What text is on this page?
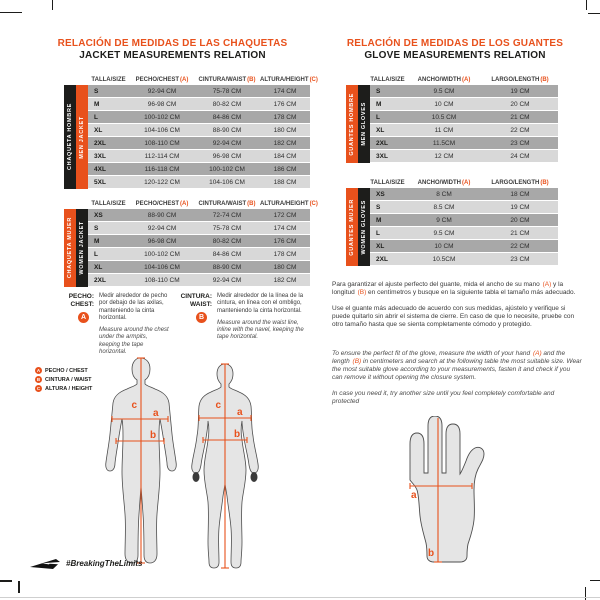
RELACIÓN DE MEDIDAS DE LAS CHAQUETAS
JACKET MEASUREMENTS RELATION
TALLA/SIZE	PECHO/CHEST(A)	CINTURA/WAIST(B) ALTURA/HEIGHT(C)
CHAQUETA HOMBRE MEN JACKET
S	92-94 CM	75-78 CM	174 CM
M	96-98 CM	80-82 CM	176 CM
L	100-102 CM	84-86 CM	178 CM
XL	104-106 CM	88-90 CM	180 CM
2XL	108-110 CM	92-94 CM	182 CM
3XL	112-114 CM	96-98 CM	184 CM
4XL	116-118 CM	100-102 CM	186 CM
5XL	120-122 CM	104-106 CM	188 CM
TALLA/SIZE	PECHO/CHEST(A)	CINTURA/WAIST(B) ALTURA/HEIGHT(C)
CHAQUETA MUJER WOMEN JACKET
XS	88-90 CM	72-74 CM	172 CM
S	92-94 CM	75-78 CM	174 CM
M	96-98 CM	80-82 CM	176 CM
L	100-102 CM	84-86 CM	178 CM
XL	104-106 CM	88-90 CM	180 CM
2XL	108-110 CM	92-94 CM	182 CM
PECHO:
CHEST:
A

Medir alrededor de pecho por debajo de las axilas, manteniendo la cinta horizontal.

Measure around the chest under the armpits, keeping the tape horizontal.

CINTURA:
WAIST:
B

Medir alrededor de la línea de la cintura, en línea con el ombligo, manteniendo la cinta horizontal.

Measure around the waist line, inline with the navel, keeping the tape horizontal.

A PECHO / CHEST
B CINTURA / WAIST
C ALTURA / HEIGHT
c
a
b
c
a
b
RELACIÓN DE MEDIDAS DE LOS GUANTES
GLOVE MEASUREMENTS RELATION
TALLA/SIZE	ANCHO/WIDTH(A)	LARGO/LENGTH(B)
GUANTES HOMBRE MEN GLOVES
S	9.5 CM	19 CM
M	10 CM	20 CM
L	10.5 CM	21 CM
XL	11 CM	22 CM
2XL	11.5CM	23 CM
3XL	12 CM	24 CM
TALLA/SIZE	ANCHO/WIDTH(A)	LARGO/LENGTH(B)
GUANTES MUJER WOMEN GLOVES
XS	8 CM	18 CM
S	8.5 CM	19 CM
M	9 CM	20 CM
L	9.5 CM	21 CM
XL	10 CM	22 CM
2XL	10.5CM	23 CM

Para garantizar el ajuste perfecto del guante, mida el ancho de su mano (A) y la longitud (B) en centímetros y busque en la siguiente tabla el tamaño más adecuado.

Use el guante más adecuado de acuerdo con sus medidas, ajústelo y verifique si puede quitarlo sin abrir el sistema de cierre. En caso de que lo necesite, pruebe con otro tamaño hasta que se sienta completamente cómodo y protegido.

To ensure the perfect fit of the glove, measure the width of your hand (A) and the length (B) in centimeters and search at the following table the most suitable size. Wear the most suitable glove according to your measurements, fasten it and check if you can remove it without opening the closure system.

In case you need it, try another size until you feel completely comfortable and protected

a
b
#BreakingTheLimits
